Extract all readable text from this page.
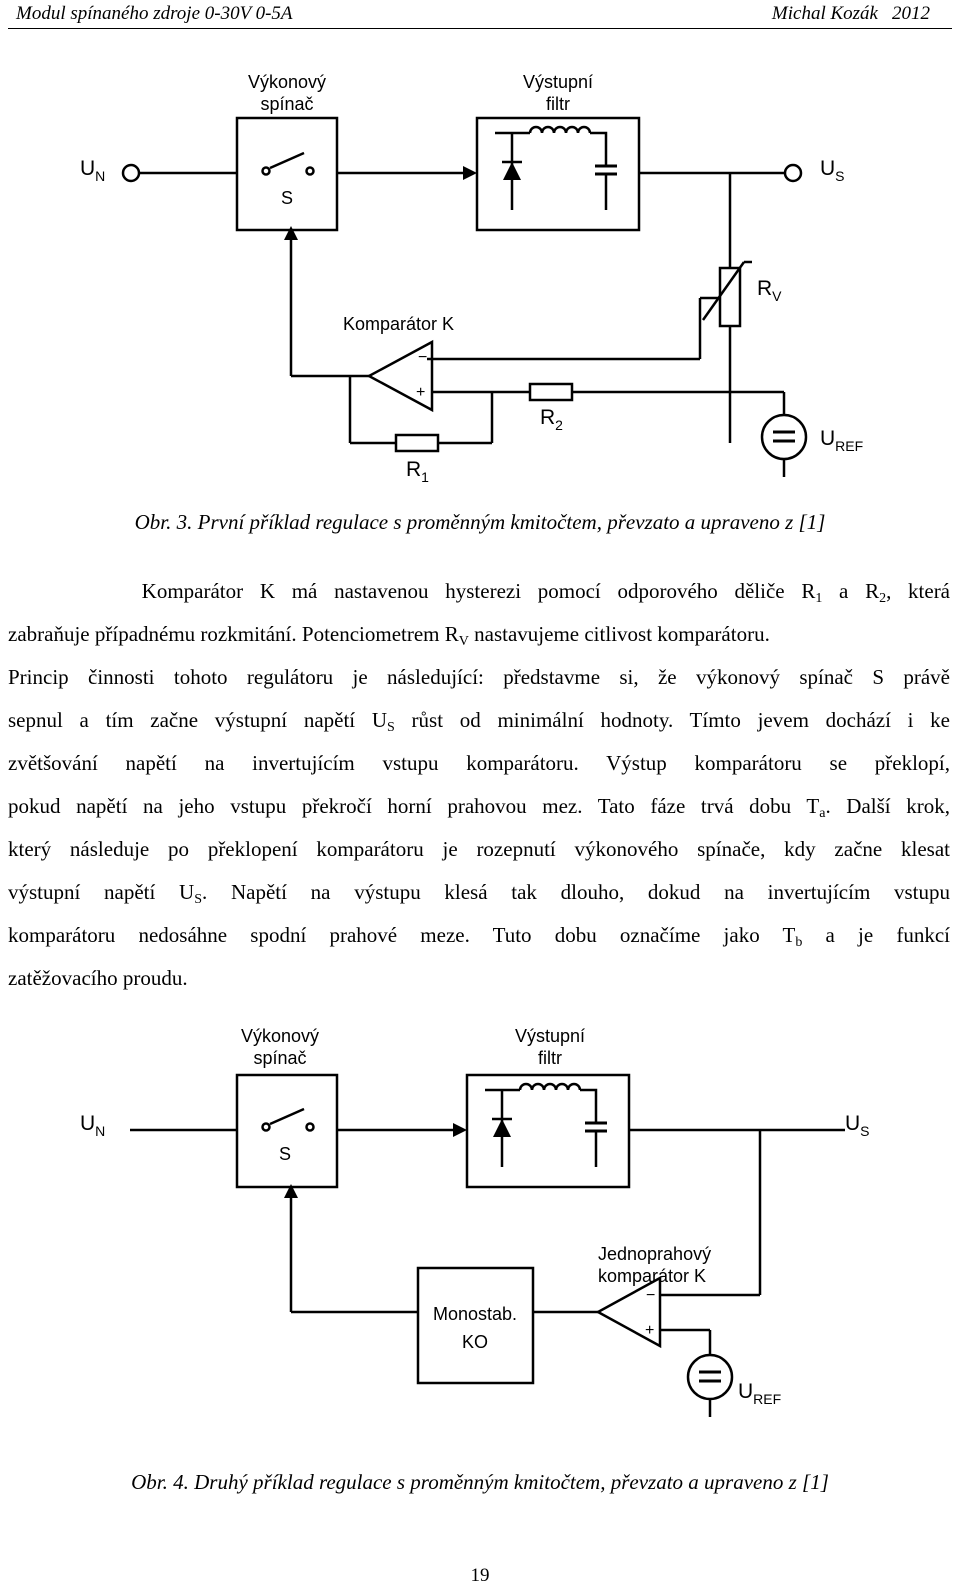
Modul spínaného zdroje 0-30V 0-5A	Michal Kozák 2012
Výkonový
spínač
S
Výstupní
filtr
Komparátor K
−
+
$U_N$	$U_S$
$R_V$
$R_2$
$R_1$
$U_{REF}$
Obr. 3. První příklad regulace s proměnným kmitočtem, převzato a upraveno z [1]
Komparátor K má nastavenou hysterezi pomocí odporového děliče $R_1$ a $R_2$, která
zabraňuje případnému rozkmitání. Potenciometrem $R_V$ nastavujeme citlivost komparátoru.
Princip činnosti tohoto regulátoru je následující: představme si, že výkonový spínač S právě
sepnul a tím začne výstupní napětí $U_S$ růst od minimální hodnoty. Tímto jevem dochází i ke
zvětšování napětí na invertujícím vstupu komparátoru. Výstup komparátoru se překlopí,
pokud napětí na jeho vstupu překročí horní prahovou mez. Tato fáze trvá dobu $T_a$. Další krok,
který následuje po překlopení komparátoru je rozepnutí výkonového spínače, kdy začne klesat
výstupní napětí $U_S$. Napětí na výstupu klesá tak dlouho, dokud na invertujícím vstupu
komparátoru nedosáhne spodní prahové meze. Tuto dobu označíme jako $T_b$ a je funkcí
zatěžovacího proudu.
Výkonový
spínač
S
Výstupní
filtr
Jednoprahový
komparátor K
Monostab.
KO
−
+
$U_N$	$U_S$
$U_{REF}$
Obr. 4. Druhý příklad regulace s proměnným kmitočtem, převzato a upraveno z [1]
19
